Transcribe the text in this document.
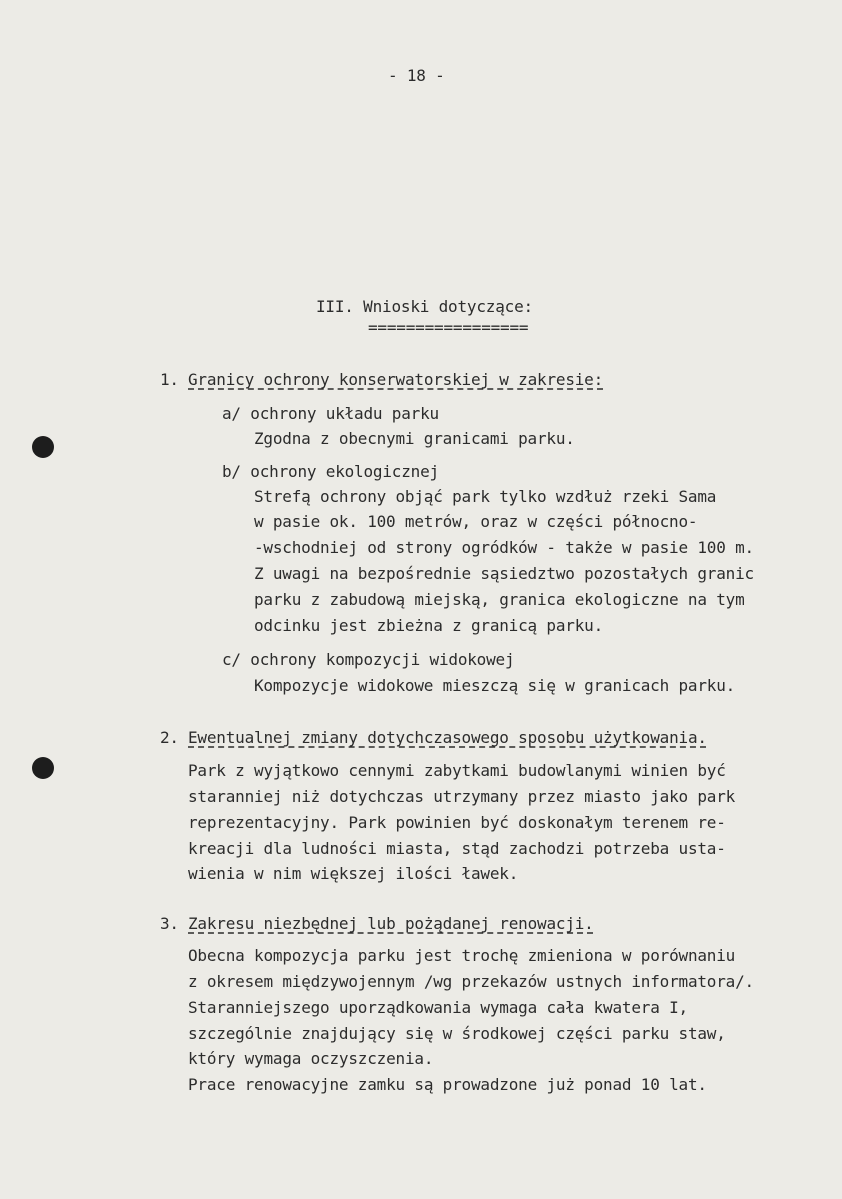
- 18 -
III. Wnioski dotyczące:
=================
1. Granicy ochrony konserwatorskiej w zakresie:
a/ ochrony układu parku
Zgodna z obecnymi granicami parku.
b/ ochrony ekologicznej
Strefą ochrony objąć park tylko wzdłuż rzeki Sama
w pasie ok. 100 metrów, oraz w części północno-
-wschodniej od strony ogródków - także w pasie 100 m.
Z uwagi na bezpośrednie sąsiedztwo pozostałych granic
parku z zabudową miejską, granica ekologiczne na tym
odcinku jest zbieżna z granicą parku.
c/ ochrony kompozycji widokowej
Kompozycje widokowe mieszczą się w granicach parku.
2. Ewentualnej zmiany dotychczasowego sposobu użytkowania.
Park z wyjątkowo cennymi zabytkami budowlanymi winien być
staranniej niż dotychczas utrzymany przez miasto jako park
reprezentacyjny. Park powinien być doskonałym terenem re-
kreacji dla ludności miasta, stąd zachodzi potrzeba usta-
wienia w nim większej ilości ławek.
3. Zakresu niezbędnej lub pożądanej renowacji.
Obecna kompozycja parku jest trochę zmieniona w porównaniu
z okresem międzywojennym /wg przekazów ustnych informatora/.
Staranniejszego uporządkowania wymaga cała kwatera I,
szczególnie znajdujący się w środkowej części parku staw,
który wymaga oczyszczenia.
Prace renowacyjne zamku są prowadzone już ponad 10 lat.
